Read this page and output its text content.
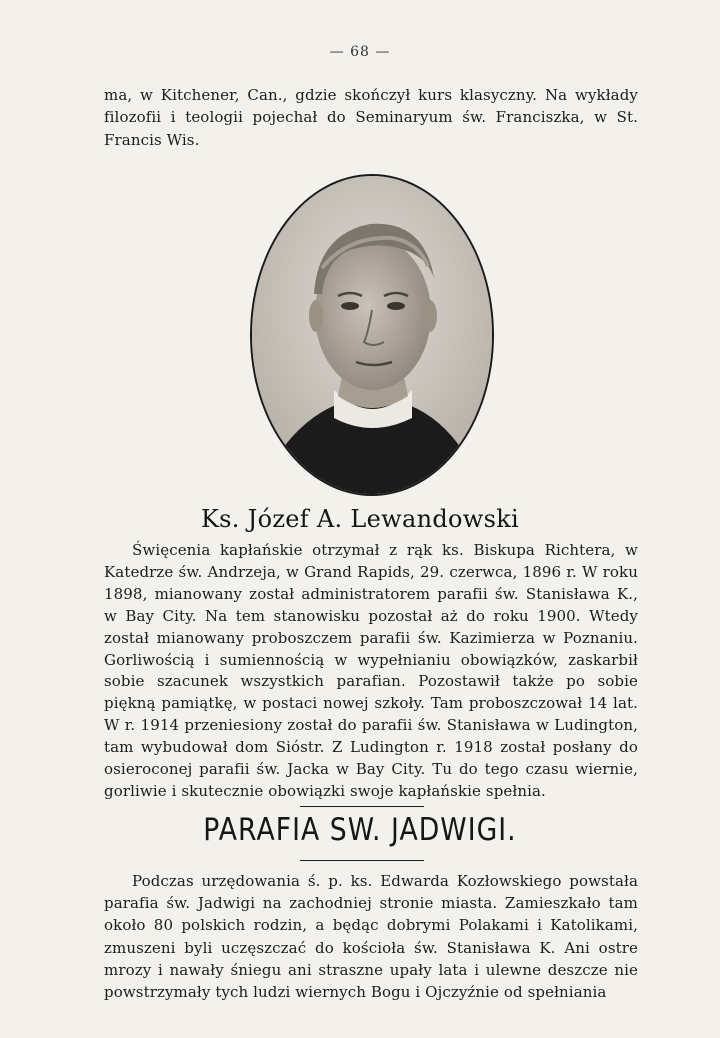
— 68 —

ma, w Kitchener, Can., gdzie skończył kurs klasyczny. Na wykłady filozofii i teologii pojechał do Seminaryum św. Franciszka, w St. Francis Wis.

Ks. Józef A. Lewandowski

Święcenia kapłańskie otrzymał z rąk ks. Biskupa Richtera, w Katedrze św. Andrzeja, w Grand Rapids, 29. czerwca, 1896 r. W roku 1898, mianowany został administratorem parafii św. Stanisława K., w Bay City. Na tem stanowisku pozostał aż do roku 1900. Wtedy został mianowany proboszczem parafii św. Kazimierza w Poznaniu. Gorliwością i sumiennością w wypełnianiu obowiązków, zaskarbił sobie szacunek wszystkich parafian. Pozostawił także po sobie piękną pamiątkę, w postaci nowej szkoły. Tam proboszczował 14 lat. W r. 1914 przeniesiony został do parafii św. Stanisława w Ludington, tam wybudował dom Sióstr. Z Ludington r. 1918 został posłany do osieroconej parafii św. Jacka w Bay City. Tu do tego czasu wiernie, gorliwie i skutecznie obowiązki swoje kapłańskie spełnia.

PARAFIA SW. JADWIGI.

Podczas urzędowania ś. p. ks. Edwarda Kozłowskiego powstała parafia św. Jadwigi na zachodniej stronie miasta. Zamieszkało tam około 80 polskich rodzin, a będąc dobrymi Polakami i Katolikami, zmuszeni byli uczęszczać do kościoła św. Stanisława K. Ani ostre mrozy i nawały śniegu ani straszne upały lata i ulewne deszcze nie powstrzymały tych ludzi wiernych Bogu i Ojczyźnie od spełniania
